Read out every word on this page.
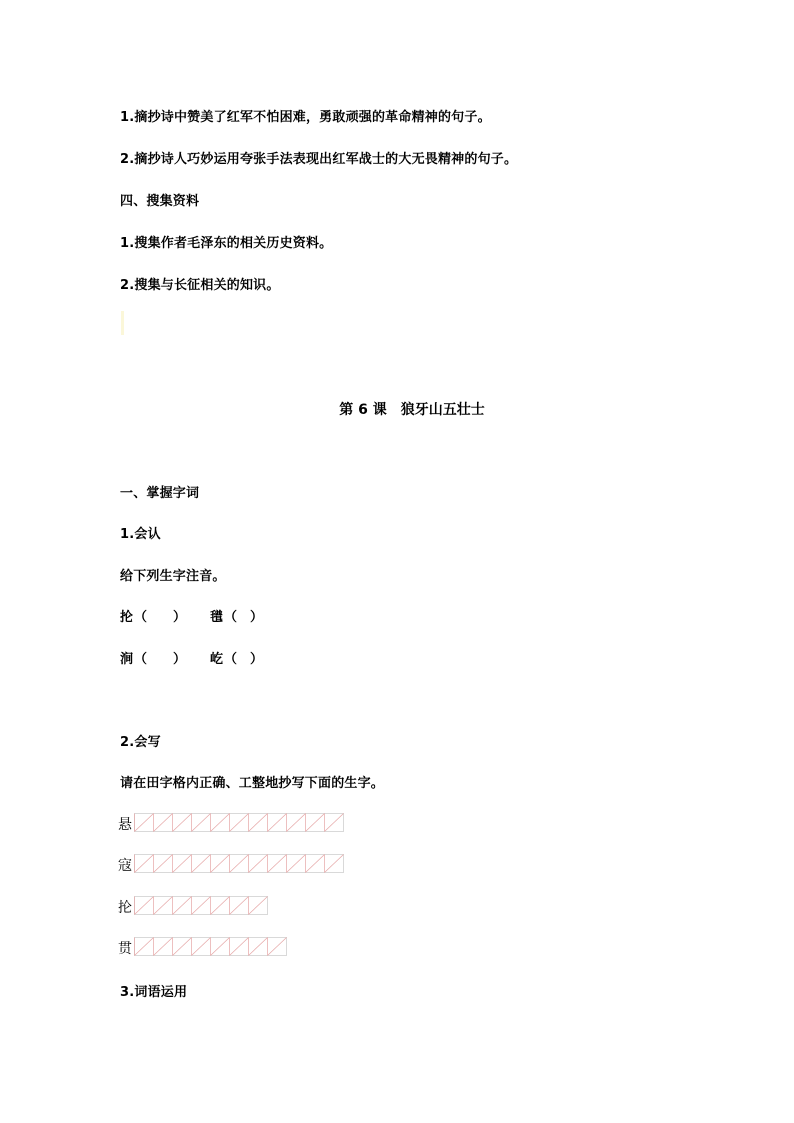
1.摘抄诗中赞美了红军不怕困难，勇敢顽强的革命精神的句子。
2.摘抄诗人巧妙运用夸张手法表现出红军战士的大无畏精神的句子。
四、搜集资料
1.搜集作者毛泽东的相关历史资料。
2.搜集与长征相关的知识。
第 6 课　狼牙山五壮士
一、掌握字词
1.会认
给下列生字注音。
抡 （　　） 氆 （　）
涧 （　　） 屹 （　）
2.会写
请在田字格内正确、工整地抄写下面的生字。
悬
寇
抡
贯
3.词语运用
